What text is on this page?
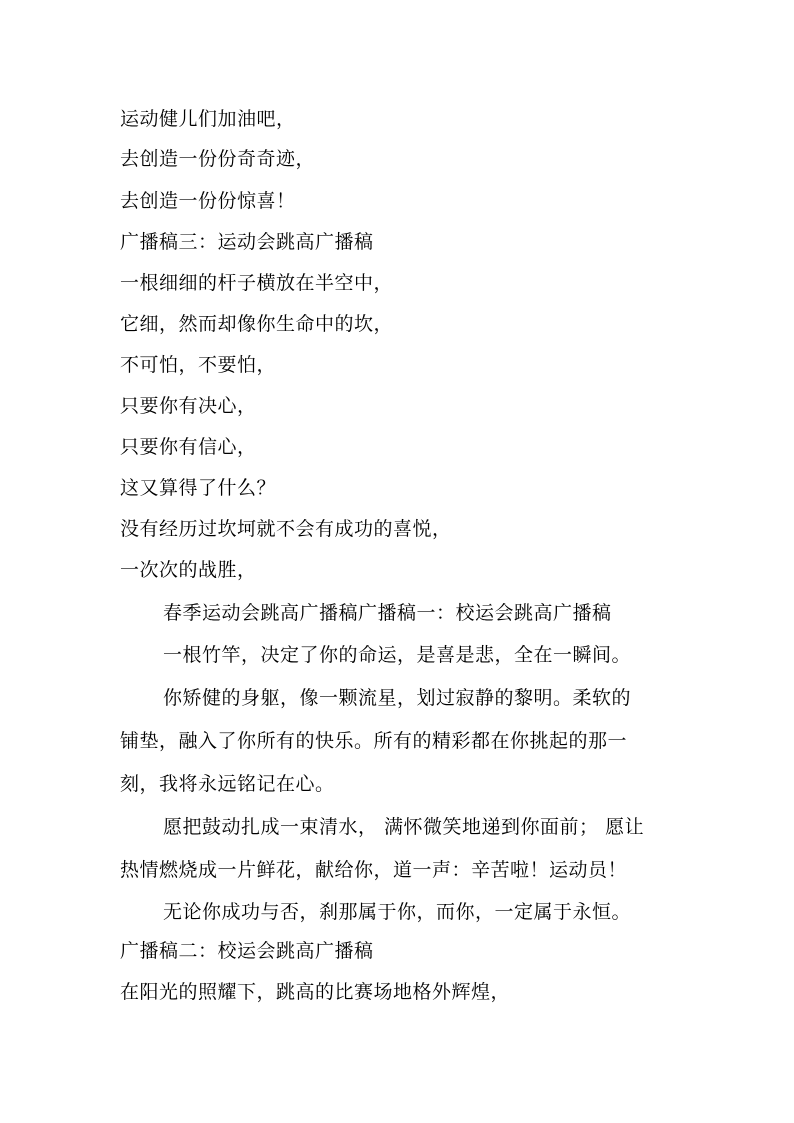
运动健儿们加油吧，
去创造一份份奇奇迹，
去创造一份份惊喜！
广播稿三：运动会跳高广播稿
一根细细的杆子横放在半空中，
它细，然而却像你生命中的坎，
不可怕，不要怕，
只要你有决心，
只要你有信心，
这又算得了什么？
没有经历过坎坷就不会有成功的喜悦，
一次次的战胜，
春季运动会跳高广播稿广播稿一：校运会跳高广播稿
一根竹竿，决定了你的命运，是喜是悲，全在一瞬间。
你矫健的身躯，像一颗流星，划过寂静的黎明。柔软的
铺垫，融入了你所有的快乐。所有的精彩都在你挑起的那一
刻，我将永远铭记在心。
愿把鼓动扎成一束清水， 满怀微笑地递到你面前； 愿让
热情燃烧成一片鲜花，献给你，道一声：辛苦啦！运动员！
无论你成功与否，刹那属于你，而你，一定属于永恒。
广播稿二：校运会跳高广播稿
在阳光的照耀下，跳高的比赛场地格外辉煌，
